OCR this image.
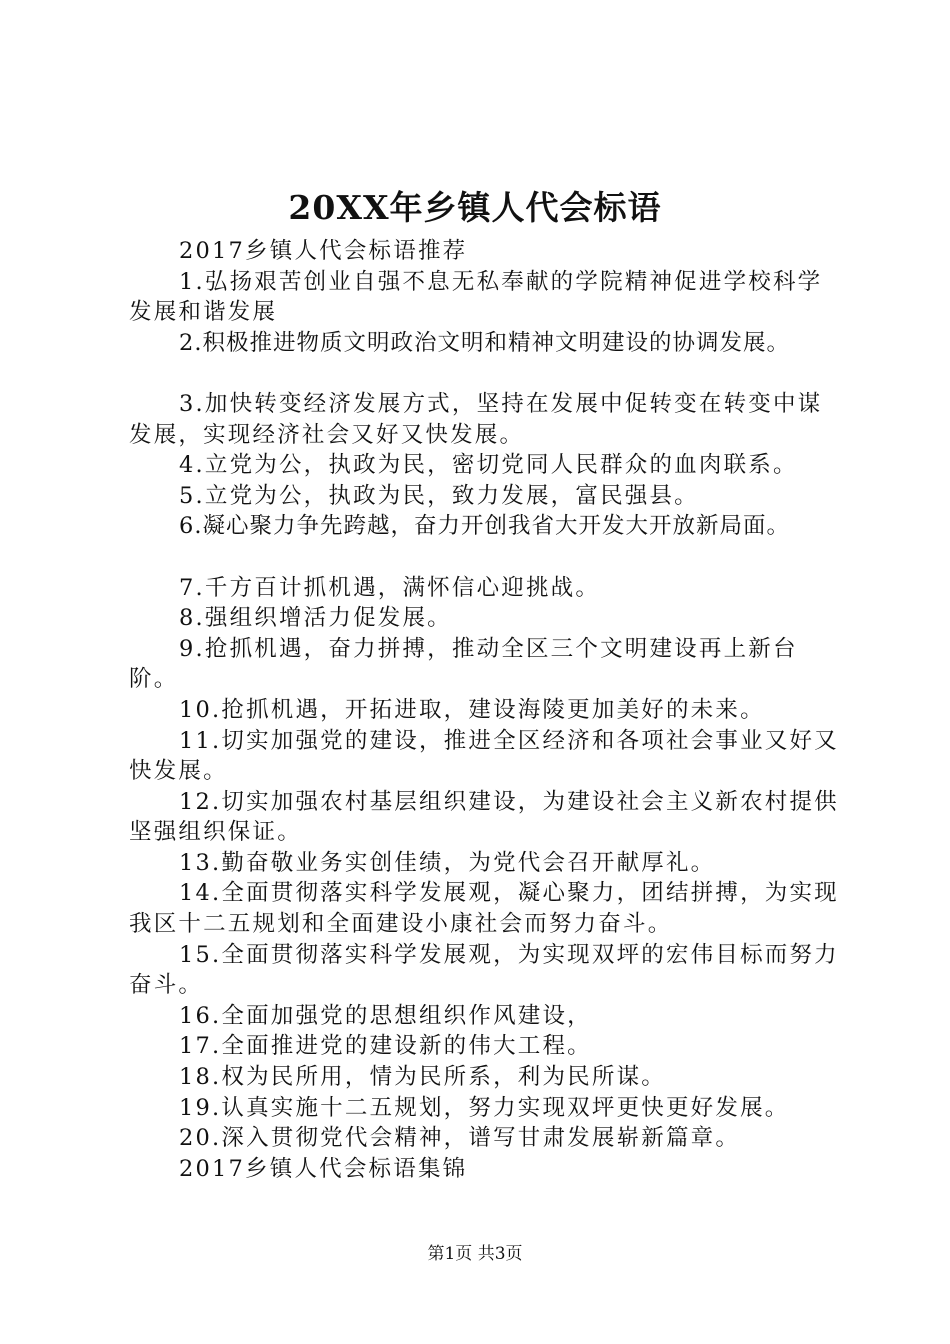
20XX年乡镇人代会标语

2017乡镇人代会标语推荐

1.弘扬艰苦创业自强不息无私奉献的学院精神促进学校科学发展和谐发展

2.积极推进物质文明政治文明和精神文明建设的协调发展。

3.加快转变经济发展方式，坚持在发展中促转变在转变中谋发展，实现经济社会又好又快发展。

4.立党为公，执政为民，密切党同人民群众的血肉联系。

5.立党为公，执政为民，致力发展，富民强县。

6.凝心聚力争先跨越，奋力开创我省大开发大开放新局面。

7.千方百计抓机遇，满怀信心迎挑战。

8.强组织增活力促发展。

9.抢抓机遇，奋力拼搏，推动全区三个文明建设再上新台阶。

10.抢抓机遇，开拓进取，建设海陵更加美好的未来。

11.切实加强党的建设，推进全区经济和各项社会事业又好又快发展。

12.切实加强农村基层组织建设，为建设社会主义新农村提供坚强组织保证。

13.勤奋敬业务实创佳绩，为党代会召开献厚礼。

14.全面贯彻落实科学发展观，凝心聚力，团结拼搏，为实现我区十二五规划和全面建设小康社会而努力奋斗。

15.全面贯彻落实科学发展观，为实现双坪的宏伟目标而努力奋斗。

16.全面加强党的思想组织作风建设，

17.全面推进党的建设新的伟大工程。

18.权为民所用，情为民所系，利为民所谋。

19.认真实施十二五规划，努力实现双坪更快更好发展。

20.深入贯彻党代会精神，谱写甘肃发展崭新篇章。

2017乡镇人代会标语集锦

第1页 共3页
